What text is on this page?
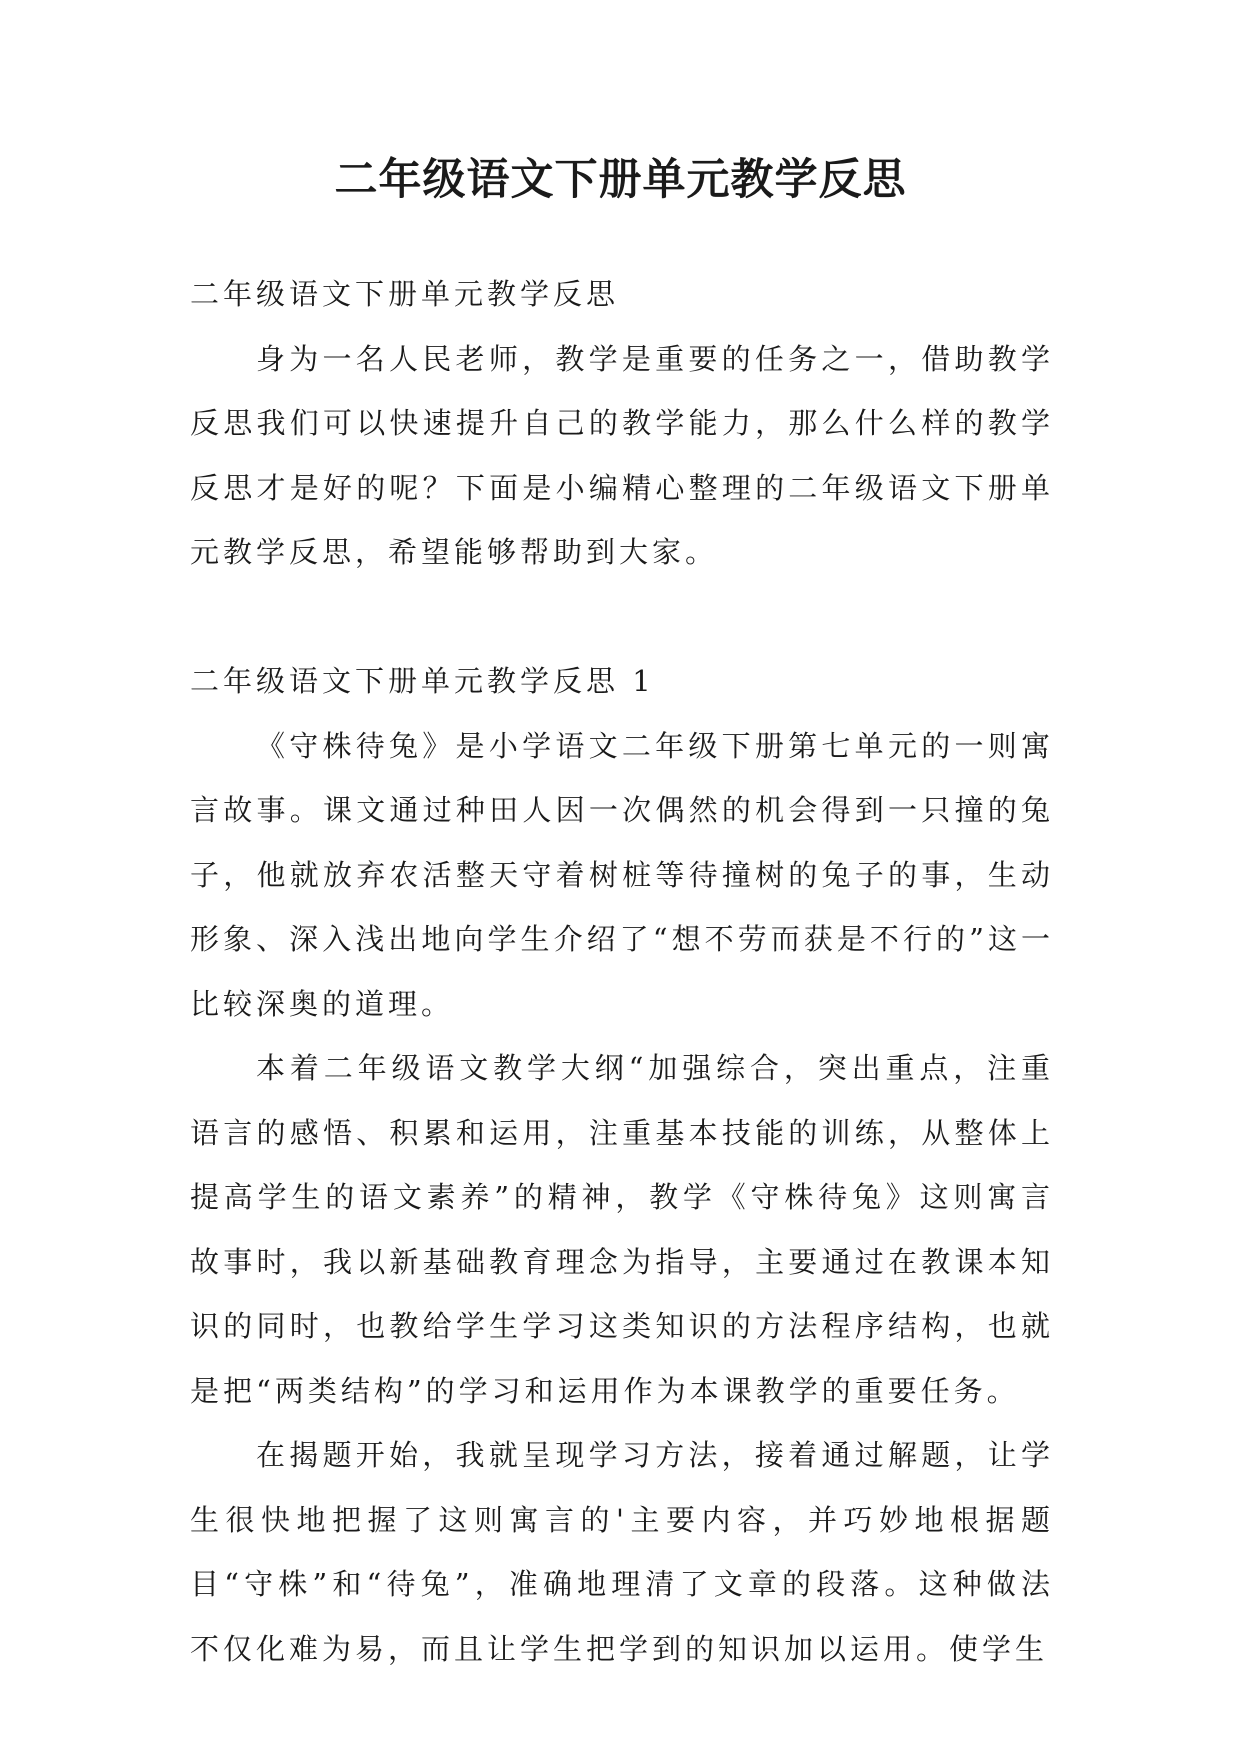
二年级语文下册单元教学反思

二年级语文下册单元教学反思

身为一名人民老师，教学是重要的任务之一，借助教学反思我们可以快速提升自己的教学能力，那么什么样的教学反思才是好的呢？下面是小编精心整理的二年级语文下册单元教学反思，希望能够帮助到大家。

二年级语文下册单元教学反思 1

《守株待兔》是小学语文二年级下册第七单元的一则寓言故事。课文通过种田人因一次偶然的机会得到一只撞的兔子，他就放弃农活整天守着树桩等待撞树的兔子的事，生动形象、深入浅出地向学生介绍了“想不劳而获是不行的”这一比较深奥的道理。

本着二年级语文教学大纲“加强综合，突出重点，注重语言的感悟、积累和运用，注重基本技能的训练，从整体上提高学生的语文素养”的精神，教学《守株待兔》这则寓言故事时，我以新基础教育理念为指导，主要通过在教课本知识的同时，也教给学生学习这类知识的方法程序结构，也就是把“两类结构”的学习和运用作为本课教学的重要任务。

在揭题开始，我就呈现学习方法，接着通过解题，让学生很快地把握了这则寓言的'主要内容，并巧妙地根据题目“守株”和“待兔”，准确地理清了文章的段落。这种做法不仅化难为易，而且让学生把学到的知识加以运用。使学生
